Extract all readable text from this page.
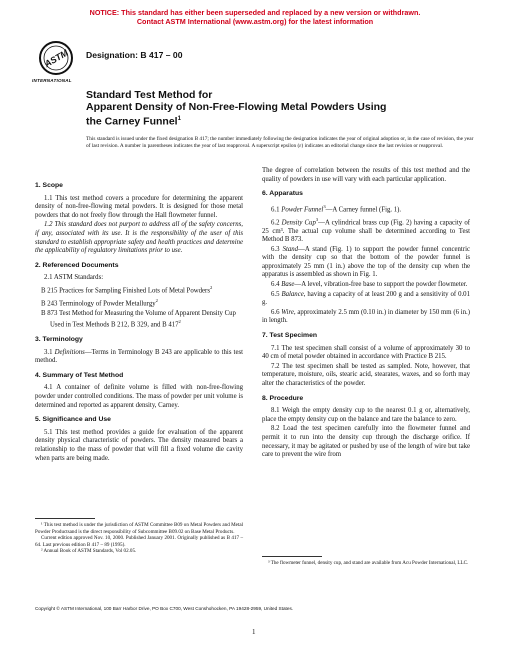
NOTICE: This standard has either been superseded and replaced by a new version or withdrawn.
Contact ASTM International (www.astm.org) for the latest information
ASTM
INTERNATIONAL
Designation: B 417 – 00
Standard Test Method for
Apparent Density of Non-Free-Flowing Metal Powders Using
the Carney Funnel$^1$
This standard is issued under the fixed designation B 417; the number immediately following the designation indicates the year of original adoption or, in the case of revision, the year of last revision. A number in parentheses indicates the year of last reapproval. A superscript epsilon (ε) indicates an editorial change since the last revision or reapproval.
1. Scope

1.1 This test method covers a procedure for determining the apparent density of non-free-flowing metal powders. It is designed for those metal powders that do not freely flow through the Hall flowmeter funnel.

1.2 This standard does not purport to address all of the safety concerns, if any, associated with its use. It is the responsibility of the user of this standard to establish appropriate safety and health practices and determine the applicability of regulatory limitations prior to use.

2. Referenced Documents

2.1 ASTM Standards:

B 215 Practices for Sampling Finished Lots of Metal Powders$^2$

B 243 Terminology of Powder Metallurgy$^2$

B 873 Test Method for Measuring the Volume of Apparent Density Cup Used in Test Methods B 212, B 329, and B $417^2$

3. Terminology

3.1 Definitions—Terms in Terminology B 243 are applicable to this test method.

4. Summary of Test Method

4.1 A container of definite volume is filled with non-free-flowing powder under controlled conditions. The mass of powder per unit volume is determined and reported as apparent density, Carney.

5. Significance and Use

5.1 This test method provides a guide for evaluation of the apparent density physical characteristic of powders. The density measured bears a relationship to the mass of powder that will fill a fixed volume die cavity when parts are being made.

The degree of correlation between the results of this test method and the quality of powders in use will vary with each particular application.

6. Apparatus

6.1 Powder Funnel$^3$—A Carney funnel (Fig. 1).

6.2 Density Cup$^3$—A cylindrical brass cup (Fig. 2) having a capacity of 25 cm³. The actual cup volume shall be determined according to Test Method B 873.

6.3 Stand—A stand (Fig. 1) to support the powder funnel concentric with the density cup so that the bottom of the powder funnel is approximately 25 mm (1 in.) above the top of the density cup when the apparatus is assembled as shown in Fig. 1.

6.4 Base—A level, vibration-free base to support the powder flowmeter.

6.5 Balance, having a capacity of at least 200 g and a sensitivity of 0.01 g.

6.6 Wire, approximately 2.5 mm (0.10 in.) in diameter by 150 mm (6 in.) in length.

7. Test Specimen

7.1 The test specimen shall consist of a volume of approximately 30 to 40 cm of metal powder obtained in accordance with Practice B 215.

7.2 The test specimen shall be tested as sampled. Note, however, that temperature, moisture, oils, stearic acid, stearates, waxes, and so forth may alter the characteristics of the powder.

8. Procedure

8.1 Weigh the empty density cup to the nearest 0.1 g or, alternatively, place the empty density cup on the balance and tare the balance to zero.

8.2 Load the test specimen carefully into the flowmeter funnel and permit it to run into the density cup through the discharge orifice. If necessary, it may be agitated or pushed by use of the length of wire but take care to prevent the wire from

¹ This test method is under the jurisdiction of ASTM Committee B09 on Metal Powders and Metal Powder Productsand is the direct responsibility of Subcommittee B09.02 on Base Metal Products.

Current edition approved Nov. 10, 2000. Published January 2001. Originally published as B 417 – 64. Last previous edition B 417 – 89 (1995).

² Annual Book of ASTM Standards, Vol 02.05.

³ The flowmeter funnel, density cup, and stand are available from Acu Powder International, LLC.

Copyright © ASTM International, 100 Barr Harbor Drive, PO Box C700, West Conshohocken, PA 19428-2959, United States.
1
